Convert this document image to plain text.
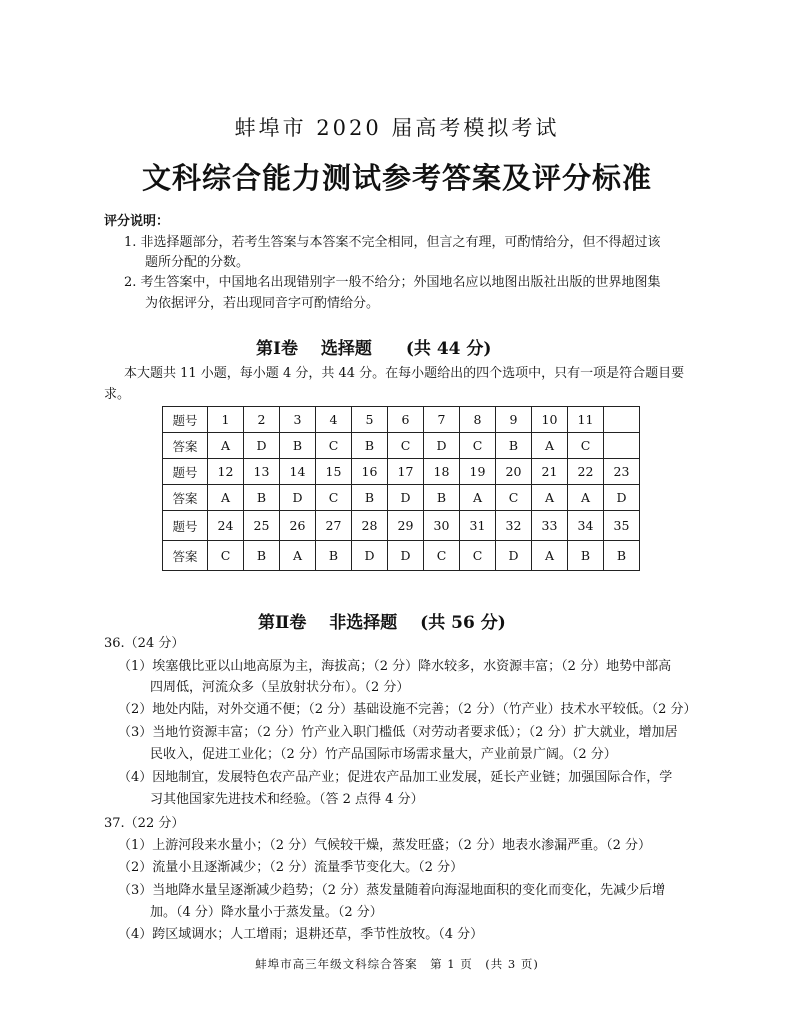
蚌埠市 2020 届高考模拟考试
文科综合能力测试参考答案及评分标准
评分说明：
1. 非选择题部分，若考生答案与本答案不完全相同，但言之有理，可酌情给分，但不得超过该
题所分配的分数。
2. 考生答案中，中国地名出现错别字一般不给分；外国地名应以地图出版社出版的世界地图集
为依据评分，若出现同音字可酌情给分。
第Ⅰ卷　 选择题　　(共 44 分)
本大题共 11 小题，每小题 4 分，共 44 分。在每小题给出的四个选项中，只有一项是符合题目要
求。
题号	1	2	3	4	5	6	7	8	9	10	11	
答案	A	D	B	C	B	C	D	C	B	A	C	
题号	12	13	14	15	16	17	18	19	20	21	22	23
答案	A	B	D	C	B	D	B	A	C	A	A	D
题号	24	25	26	27	28	29	30	31	32	33	34	35
答案	C	B	A	B	D	D	C	C	D	A	B	B
第Ⅱ卷　 非选择题　 (共 56 分)
36.（24 分）
（1）埃塞俄比亚以山地高原为主，海拔高；（2 分）降水较多，水资源丰富；（2 分）地势中部高
四周低，河流众多（呈放射状分布）。（2 分）
（2）地处内陆，对外交通不便；（2 分）基础设施不完善；（2 分）（竹产业）技术水平较低。（2 分）
（3）当地竹资源丰富；（2 分）竹产业入职门槛低（对劳动者要求低）；（2 分）扩大就业，增加居
民收入，促进工业化；（2 分）竹产品国际市场需求量大，产业前景广阔。（2 分）
（4）因地制宜，发展特色农产品产业；促进农产品加工业发展，延长产业链；加强国际合作，学
习其他国家先进技术和经验。（答 2 点得 4 分）
37.（22 分）
（1）上游河段来水量小；（2 分）气候较干燥，蒸发旺盛；（2 分）地表水渗漏严重。（2 分）
（2）流量小且逐渐减少；（2 分）流量季节变化大。（2 分）
（3）当地降水量呈逐渐减少趋势；（2 分）蒸发量随着向海湿地面积的变化而变化，先减少后增
加。（4 分）降水量小于蒸发量。（2 分）
（4）跨区域调水；人工增雨；退耕还草，季节性放牧。（4 分）
蚌埠市高三年级文科综合答案　第 1 页　(共 3 页)
